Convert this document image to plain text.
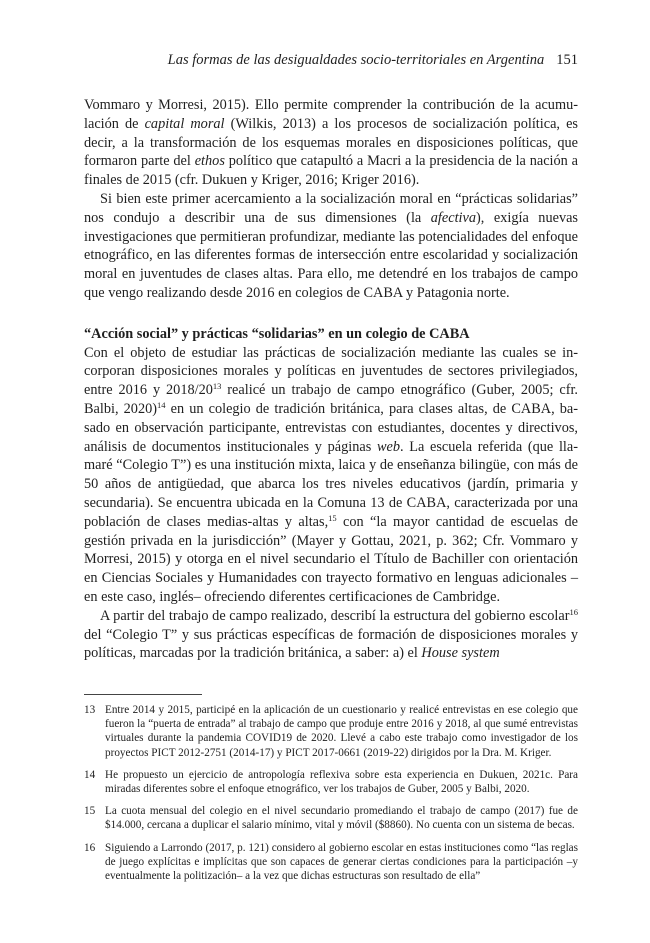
Las formas de las desigualdades socio-territoriales en Argentina 151

Vommaro y Morresi, 2015). Ello permite comprender la contribución de la acumulación de capital moral (Wilkis, 2013) a los procesos de socialización política, es decir, a la transformación de los esquemas morales en disposiciones políticas, que formaron parte del ethos político que catapultó a Macri a la presidencia de la nación a finales de 2015 (cfr. Dukuen y Kriger, 2016; Kriger 2016).

Si bien este primer acercamiento a la socialización moral en “prácticas solidarias” nos condujo a describir una de sus dimensiones (la afectiva), exigía nuevas investigaciones que permitieran profundizar, mediante las potencialidades del enfoque etnográfico, en las diferentes formas de intersección entre escolaridad y socialización moral en juventudes de clases altas. Para ello, me detendré en los trabajos de campo que vengo realizando desde 2016 en colegios de CABA y Patagonia norte.

“Acción social” y prácticas “solidarias” en un colegio de CABA

Con el objeto de estudiar las prácticas de socialización mediante las cuales se incorporan disposiciones morales y políticas en juventudes de sectores privilegiados, entre 2016 y $2018/20^{13}$ realicé un trabajo de campo etnográfico (Guber, 2005; cfr. Balbi, 2020)$^{14}$ en un colegio de tradición británica, para clases altas, de CABA, basado en observación participante, entrevistas con estudiantes, docentes y directivos, análisis de documentos institucionales y páginas web. La escuela referida (que llamaré “Colegio T”) es una institución mixta, laica y de enseñanza bilingüe, con más de 50 años de antigüedad, que abarca los tres niveles educativos (jardín, primaria y secundaria). Se encuentra ubicada en la Comuna 13 de CABA, caracterizada por una población de clases medias-altas y altas,$^{15}$ con “la mayor cantidad de escuelas de gestión privada en la jurisdicción” (Mayer y Gottau, 2021, p. 362; Cfr. Vommaro y Morresi, 2015) y otorga en el nivel secundario el Título de Bachiller con orientación en Ciencias Sociales y Humanidades con trayecto formativo en lenguas adicionales –en este caso, inglés– ofreciendo diferentes certificaciones de Cambridge.

A partir del trabajo de campo realizado, describí la estructura del gobierno escolar$^{16}$ del “Colegio T” y sus prácticas específicas de formación de disposiciones morales y políticas, marcadas por la tradición británica, a saber: a) el House system

13 Entre 2014 y 2015, participé en la aplicación de un cuestionario y realicé entrevistas en ese colegio que fueron la “puerta de entrada” al trabajo de campo que produje entre 2016 y 2018, al que sumé entrevistas virtuales durante la pandemia COVID19 de 2020. Llevé a cabo este trabajo como investigador de los proyectos PICT 2012-2751 (2014-17) y PICT 2017-0661 (2019-22) dirigidos por la Dra. M. Kriger.
14 He propuesto un ejercicio de antropología reflexiva sobre esta experiencia en Dukuen, 2021c. Para miradas diferentes sobre el enfoque etnográfico, ver los trabajos de Guber, 2005 y Balbi, 2020.
15 La cuota mensual del colegio en el nivel secundario promediando el trabajo de campo (2017) fue de $14.000, cercana a duplicar el salario mínimo, vital y móvil ($8860). No cuenta con un sistema de becas.
16 Siguiendo a Larrondo (2017, p. 121) considero al gobierno escolar en estas instituciones como “las reglas de juego explícitas e implícitas que son capaces de generar ciertas condiciones para la participación –y eventualmente la politización– a la vez que dichas estructuras son resultado de ella”
